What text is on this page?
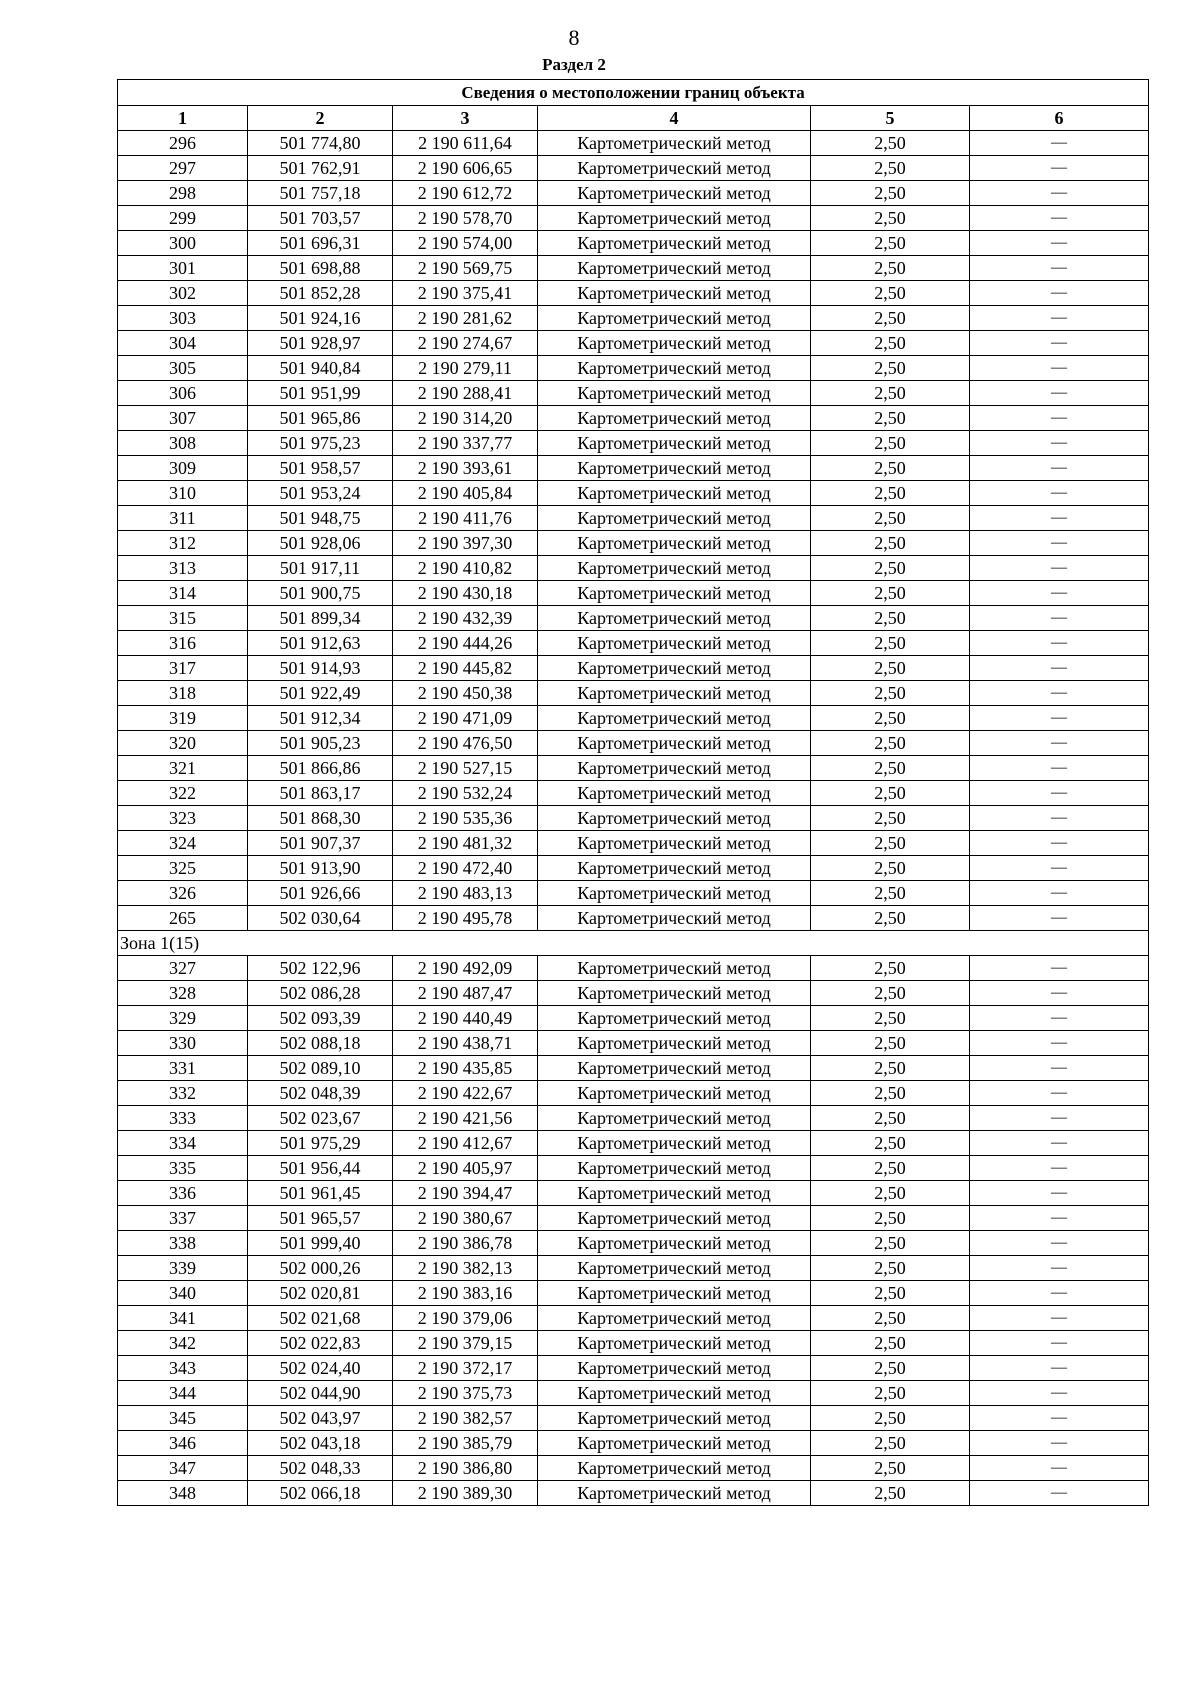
8
Раздел 2
Сведения о местоположении границ объекта					
1	2	3	4	5	6
296	501 774,80	2 190 611,64	Картометрический метод	2,50	—
297	501 762,91	2 190 606,65	Картометрический метод	2,50	—
298	501 757,18	2 190 612,72	Картометрический метод	2,50	—
299	501 703,57	2 190 578,70	Картометрический метод	2,50	—
300	501 696,31	2 190 574,00	Картометрический метод	2,50	—
301	501 698,88	2 190 569,75	Картометрический метод	2,50	—
302	501 852,28	2 190 375,41	Картометрический метод	2,50	—
303	501 924,16	2 190 281,62	Картометрический метод	2,50	—
304	501 928,97	2 190 274,67	Картометрический метод	2,50	—
305	501 940,84	2 190 279,11	Картометрический метод	2,50	—
306	501 951,99	2 190 288,41	Картометрический метод	2,50	—
307	501 965,86	2 190 314,20	Картометрический метод	2,50	—
308	501 975,23	2 190 337,77	Картометрический метод	2,50	—
309	501 958,57	2 190 393,61	Картометрический метод	2,50	—
310	501 953,24	2 190 405,84	Картометрический метод	2,50	—
311	501 948,75	2 190 411,76	Картометрический метод	2,50	—
312	501 928,06	2 190 397,30	Картометрический метод	2,50	—
313	501 917,11	2 190 410,82	Картометрический метод	2,50	—
314	501 900,75	2 190 430,18	Картометрический метод	2,50	—
315	501 899,34	2 190 432,39	Картометрический метод	2,50	—
316	501 912,63	2 190 444,26	Картометрический метод	2,50	—
317	501 914,93	2 190 445,82	Картометрический метод	2,50	—
318	501 922,49	2 190 450,38	Картометрический метод	2,50	—
319	501 912,34	2 190 471,09	Картометрический метод	2,50	—
320	501 905,23	2 190 476,50	Картометрический метод	2,50	—
321	501 866,86	2 190 527,15	Картометрический метод	2,50	—
322	501 863,17	2 190 532,24	Картометрический метод	2,50	—
323	501 868,30	2 190 535,36	Картометрический метод	2,50	—
324	501 907,37	2 190 481,32	Картометрический метод	2,50	—
325	501 913,90	2 190 472,40	Картометрический метод	2,50	—
326	501 926,66	2 190 483,13	Картометрический метод	2,50	—
265	502 030,64	2 190 495,78	Картометрический метод	2,50	—
Зона 1(15)					
327	502 122,96	2 190 492,09	Картометрический метод	2,50	—
328	502 086,28	2 190 487,47	Картометрический метод	2,50	—
329	502 093,39	2 190 440,49	Картометрический метод	2,50	—
330	502 088,18	2 190 438,71	Картометрический метод	2,50	—
331	502 089,10	2 190 435,85	Картометрический метод	2,50	—
332	502 048,39	2 190 422,67	Картометрический метод	2,50	—
333	502 023,67	2 190 421,56	Картометрический метод	2,50	—
334	501 975,29	2 190 412,67	Картометрический метод	2,50	—
335	501 956,44	2 190 405,97	Картометрический метод	2,50	—
336	501 961,45	2 190 394,47	Картометрический метод	2,50	—
337	501 965,57	2 190 380,67	Картометрический метод	2,50	—
338	501 999,40	2 190 386,78	Картометрический метод	2,50	—
339	502 000,26	2 190 382,13	Картометрический метод	2,50	—
340	502 020,81	2 190 383,16	Картометрический метод	2,50	—
341	502 021,68	2 190 379,06	Картометрический метод	2,50	—
342	502 022,83	2 190 379,15	Картометрический метод	2,50	—
343	502 024,40	2 190 372,17	Картометрический метод	2,50	—
344	502 044,90	2 190 375,73	Картометрический метод	2,50	—
345	502 043,97	2 190 382,57	Картометрический метод	2,50	—
346	502 043,18	2 190 385,79	Картометрический метод	2,50	—
347	502 048,33	2 190 386,80	Картометрический метод	2,50	—
348	502 066,18	2 190 389,30	Картометрический метод	2,50	—
